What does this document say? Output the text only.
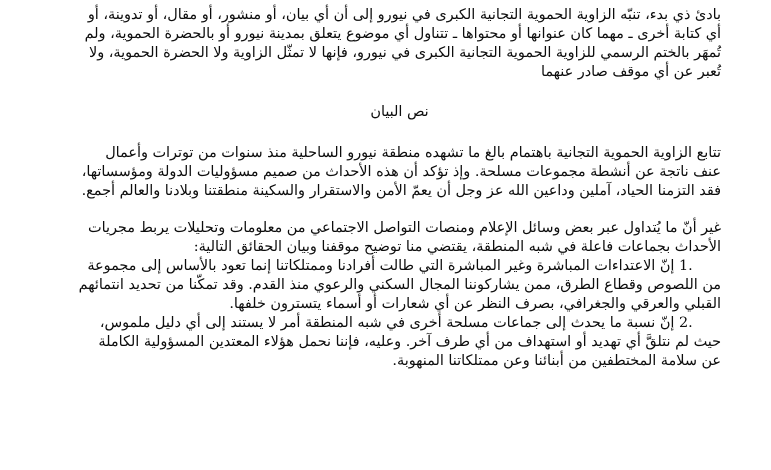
بادئ ذي بدء، تنبّه الزاوية الحموية التجانية الكبرى في نيورو إلى أن أي بيان، أو منشور، أو مقال، أو تدوينة، أو أي كتابة أخرى ـ مهما كان عنوانها أو محتواها ـ تتناول أي موضوع يتعلق بمدينة نيورو أو بالحضرة الحموية، ولم تُمهَر بالختم الرسمي للزاوية الحموية التجانية الكبرى في نيورو، فإنها لا تمثّل الزاوية ولا الحضرة الحموية، ولا تُعبر عن أي موقف صادر عنهما

نص البيان

تتابع الزاوية الحموية التجانية باهتمام بالغ ما تشهده منطقة نيورو الساحلية منذ سنوات من توترات وأعمال عنف ناتجة عن أنشطة مجموعات مسلحة. وإذ تؤكد أن هذه الأحداث من صميم مسؤوليات الدولة ومؤسساتها، فقد التزمنا الحياد، آملين وداعين الله عز وجل أن يعمّ الأمن والاستقرار والسكينة منطقتنا وبلادنا والعالم أجمع.

غير أنّ ما يُتداول عبر بعض وسائل الإعلام ومنصات التواصل الاجتماعي من معلومات وتحليلات يربط مجريات الأحداث بجماعات فاعلة في شبه المنطقة، يقتضي منا توضيح موقفنا وبيان الحقائق التالية:

1. إنّ الاعتداءات المباشرة وغير المباشرة التي طالت أفرادنا وممتلكاتنا إنما تعود بالأساس إلى مجموعة من اللصوص وقطاع الطرق، ممن يشاركوننا المجال السكني والرعوي منذ القدم. وقد تمكّنا من تحديد انتمائهم القبلي والعرقي والجغرافي، بصرف النظر عن أي شعارات أو أسماء يتسترون خلفها.

2. إنّ نسبة ما يحدث إلى جماعات مسلحة أخرى في شبه المنطقة أمر لا يستند إلى أي دليل ملموس، حيث لم نتلقَّ أي تهديد أو استهداف من أي طرف آخر. وعليه، فإننا نحمل هؤلاء المعتدين المسؤولية الكاملة عن سلامة المختطفين من أبنائنا وعن ممتلكاتنا المنهوبة.
